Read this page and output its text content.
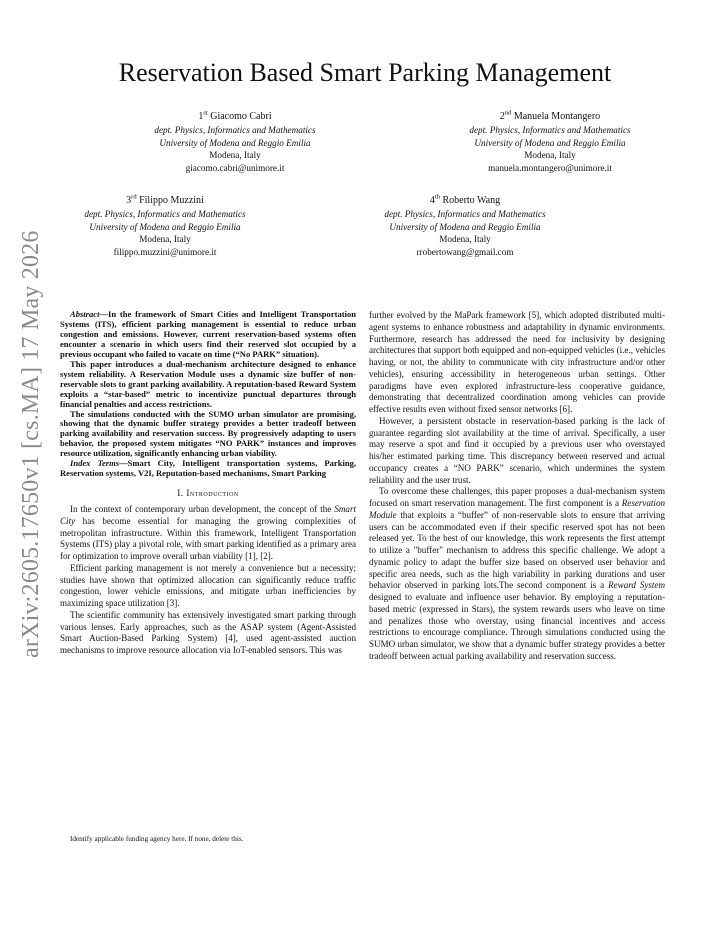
arXiv:2605.17650v1 [cs.MA] 17 May 2026
Reservation Based Smart Parking Management
1st Giacomo Cabri
dept. Physics, Informatics and Mathematics
University of Modena and Reggio Emilia
Modena, Italy
giacomo.cabri@unimore.it
2nd Manuela Montangero
dept. Physics, Informatics and Mathematics
University of Modena and Reggio Emilia
Modena, Italy
manuela.montangero@unimore.it
3rd Filippo Muzzini
dept. Physics, Informatics and Mathematics
University of Modena and Reggio Emilia
Modena, Italy
filippo.muzzini@unimore.it
4th Roberto Wang
dept. Physics, Informatics and Mathematics
University of Modena and Reggio Emilia
Modena, Italy
rrobertowang@gmail.com

Abstract—In the framework of Smart Cities and Intelligent Transportation Systems (ITS), efficient parking management is essential to reduce urban congestion and emissions. However, current reservation-based systems often encounter a scenario in which users find their reserved slot occupied by a previous occupant who failed to vacate on time (“No PARK” situation).

This paper introduces a dual-mechanism architecture designed to enhance system reliability. A Reservation Module uses a dynamic size buffer of non-reservable slots to grant parking availability. A reputation-based Reward System exploits a “star-based” metric to incentivize punctual departures through financial penalties and access restrictions.

The simulations conducted with the SUMO urban simulator are promising, showing that the dynamic buffer strategy provides a better tradeoff between parking availability and reservation success. By progressively adapting to users behavior, the proposed system mitigates “NO PARK” instances and improves resource utilization, significantly enhancing urban viability.

Index Terms—Smart City, Intelligent transportation systems, Parking, Reservation systems, V2I, Reputation-based mechanisms, Smart Parking

I. Introduction

In the context of contemporary urban development, the concept of the Smart City has become essential for managing the growing complexities of metropolitan infrastructure. Within this framework, Intelligent Transportation Systems (ITS) play a pivotal role, with smart parking identified as a primary area for optimization to improve overall urban viability [1], [2].

Efficient parking management is not merely a convenience but a necessity; studies have shown that optimized allocation can significantly reduce traffic congestion, lower vehicle emissions, and mitigate urban inefficiencies by maximizing space utilization [3].

The scientific community has extensively investigated smart parking through various lenses. Early approaches, such as the ASAP system (Agent-Assisted Smart Auction-Based Parking System) [4], used agent-assisted auction mechanisms to improve resource allocation via IoT-enabled sensors. This was

further evolved by the MaPark framework [5], which adopted distributed multi-agent systems to enhance robustness and adaptability in dynamic environments. Furthermore, research has addressed the need for inclusivity by designing architectures that support both equipped and non-equipped vehicles (i.e., vehicles having, or not, the ability to communicate with city infrastructure and/or other vehicles), ensuring accessibility in heterogeneous urban settings. Other paradigms have even explored infrastructure-less cooperative guidance, demonstrating that decentralized coordination among vehicles can provide effective results even without fixed sensor networks [6].

However, a persistent obstacle in reservation-based parking is the lack of guarantee regarding slot availability at the time of arrival. Specifically, a user may reserve a spot and find it occupied by a previous user who overstayed his/her estimated parking time. This discrepancy between reserved and actual occupancy creates a “NO PARK” scenario, which undermines the system reliability and the user trust.

To overcome these challenges, this paper proposes a dual-mechanism system focused on smart reservation management. The first component is a Reservation Module that exploits a “buffer” of non-reservable slots to ensure that arriving users can be accommodated even if their specific reserved spot has not been released yet. To the best of our knowledge, this work represents the first attempt to utilize a "buffer" mechanism to address this specific challenge. We adopt a dynamic policy to adapt the buffer size based on observed user behavior and specific area needs, such as the high variability in parking durations and user behavior observed in parking lots.The second component is a Reward System designed to evaluate and influence user behavior. By employing a reputation-based metric (expressed in Stars), the system rewards users who leave on time and penalizes those who overstay, using financial incentives and access restrictions to encourage compliance. Through simulations conducted using the SUMO urban simulator, we show that a dynamic buffer strategy provides a better tradeoff between actual parking availability and reservation success.

Identify applicable funding agency here. If none, delete this.
